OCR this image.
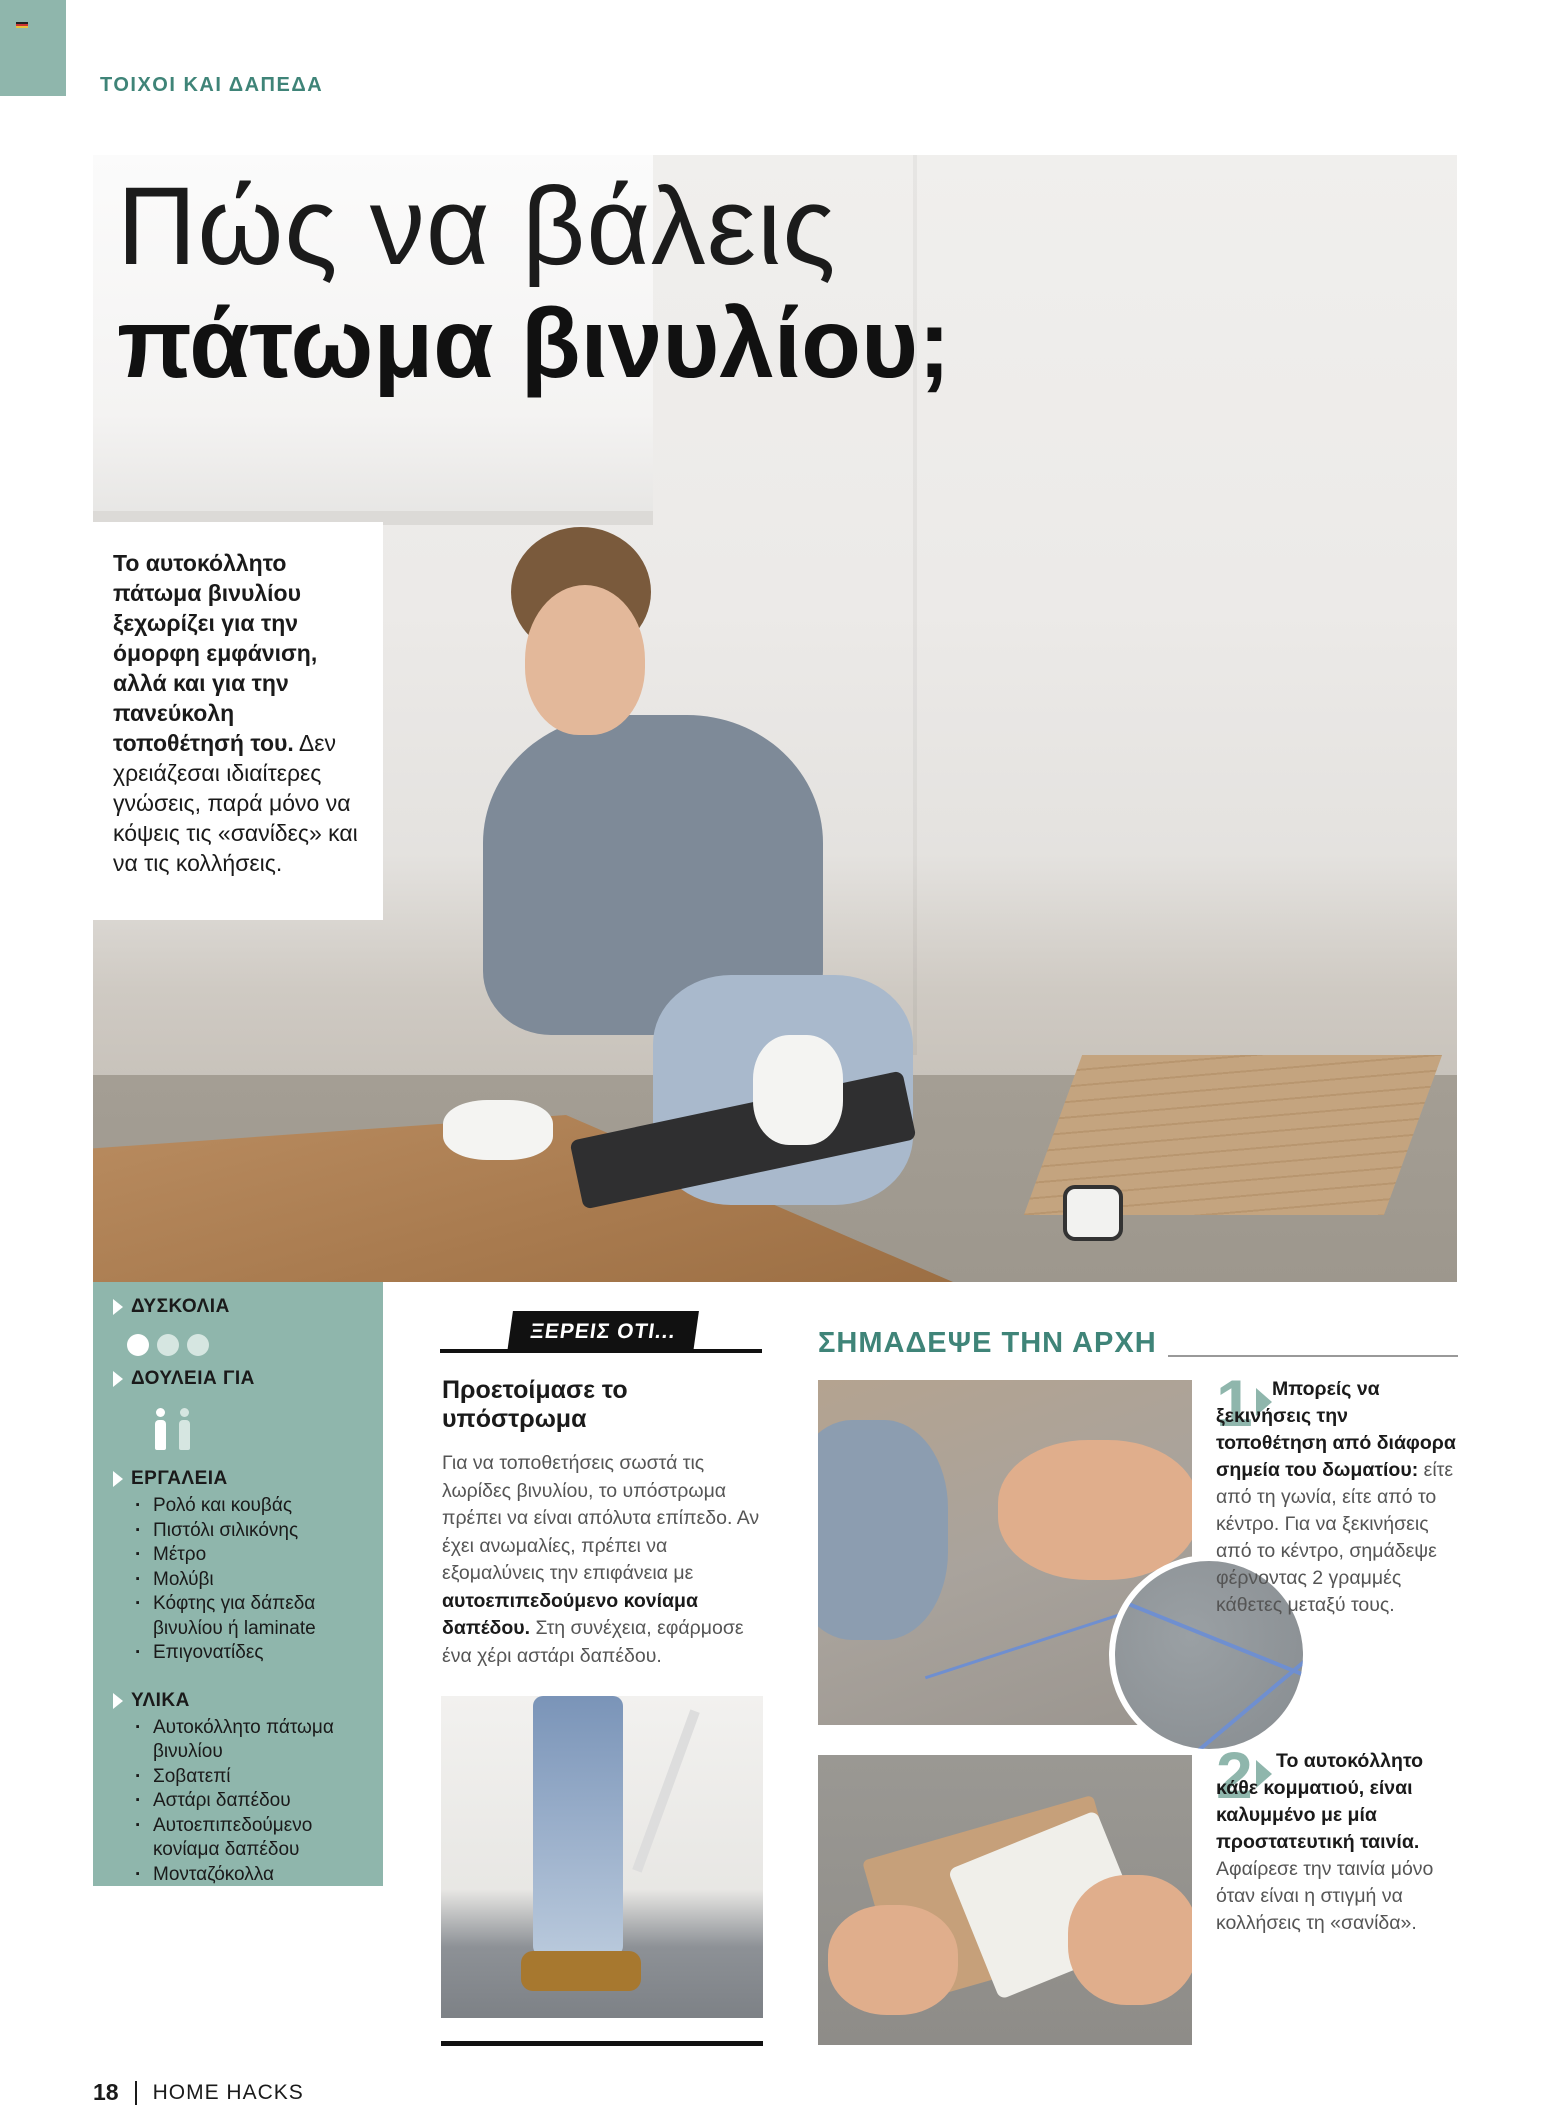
ΤΟΙΧΟΙ ΚΑΙ ΔΑΠΕΔΑ
Πώς να βάλεις
πάτωμα βινυλίου;
Το αυτοκόλλητο πάτωμα βινυλίου ξεχωρίζει για την όμορφη εμφάνιση, αλλά και για την πανεύκολη τοποθέτησή του. Δεν χρειάζεσαι ιδιαίτερες γνώσεις, παρά μόνο να κόψεις τις «σανίδες» και να τις κολλήσεις.
ΔΥΣΚΟΛΙΑ
ΔΟΥΛΕΙΑ ΓΙΑ
ΕΡΓΑΛΕΙΑ
· Ρολό και κουβάς
· Πιστόλι σιλικόνης
· Μέτρο
· Μολύβι
· Κόφτης για δάπεδα βινυλίου ή laminate
· Επιγονατίδες
ΥΛΙΚΑ
· Αυτοκόλλητο πάτωμα βινυλίου
· Σοβατεπί
· Αστάρι δαπέδου
· Αυτοεπιπεδούμενο κονίαμα δαπέδου
· Μονταζόκολλα
ΞΕΡΕΙΣ ΟΤΙ...
Προετοίμασε το υπόστρωμα
Για να τοποθετήσεις σωστά τις λωρίδες βινυλίου, το υπόστρωμα πρέπει να είναι απόλυτα επίπεδο. Αν έχει ανωμαλίες, πρέπει να εξομαλύνεις την επιφάνεια με αυτοεπιπεδούμενο κονίαμα δαπέδου. Στη συνέχεια, εφάρμοσε ένα χέρι αστάρι δαπέδου.
ΣΗΜΑΔΕΨΕ ΤΗΝ ΑΡΧΗ
1 Μπορείς να ξεκινήσεις την τοποθέτηση από διάφορα σημεία του δωματίου: είτε από τη γωνία, είτε από το κέντρο. Για να ξεκινήσεις από το κέντρο, σημάδεψε φέρνοντας 2 γραμμές κάθετες μεταξύ τους.

2	Το αυτοκόλλητο κάθε κομματιού, είναι καλυμμένο με μία προστατευτική ταινία. Αφαίρεσε την ταινία μόνο όταν είναι η στιγμή να κολλήσεις τη «σανίδα».

18 HOME HACKS
